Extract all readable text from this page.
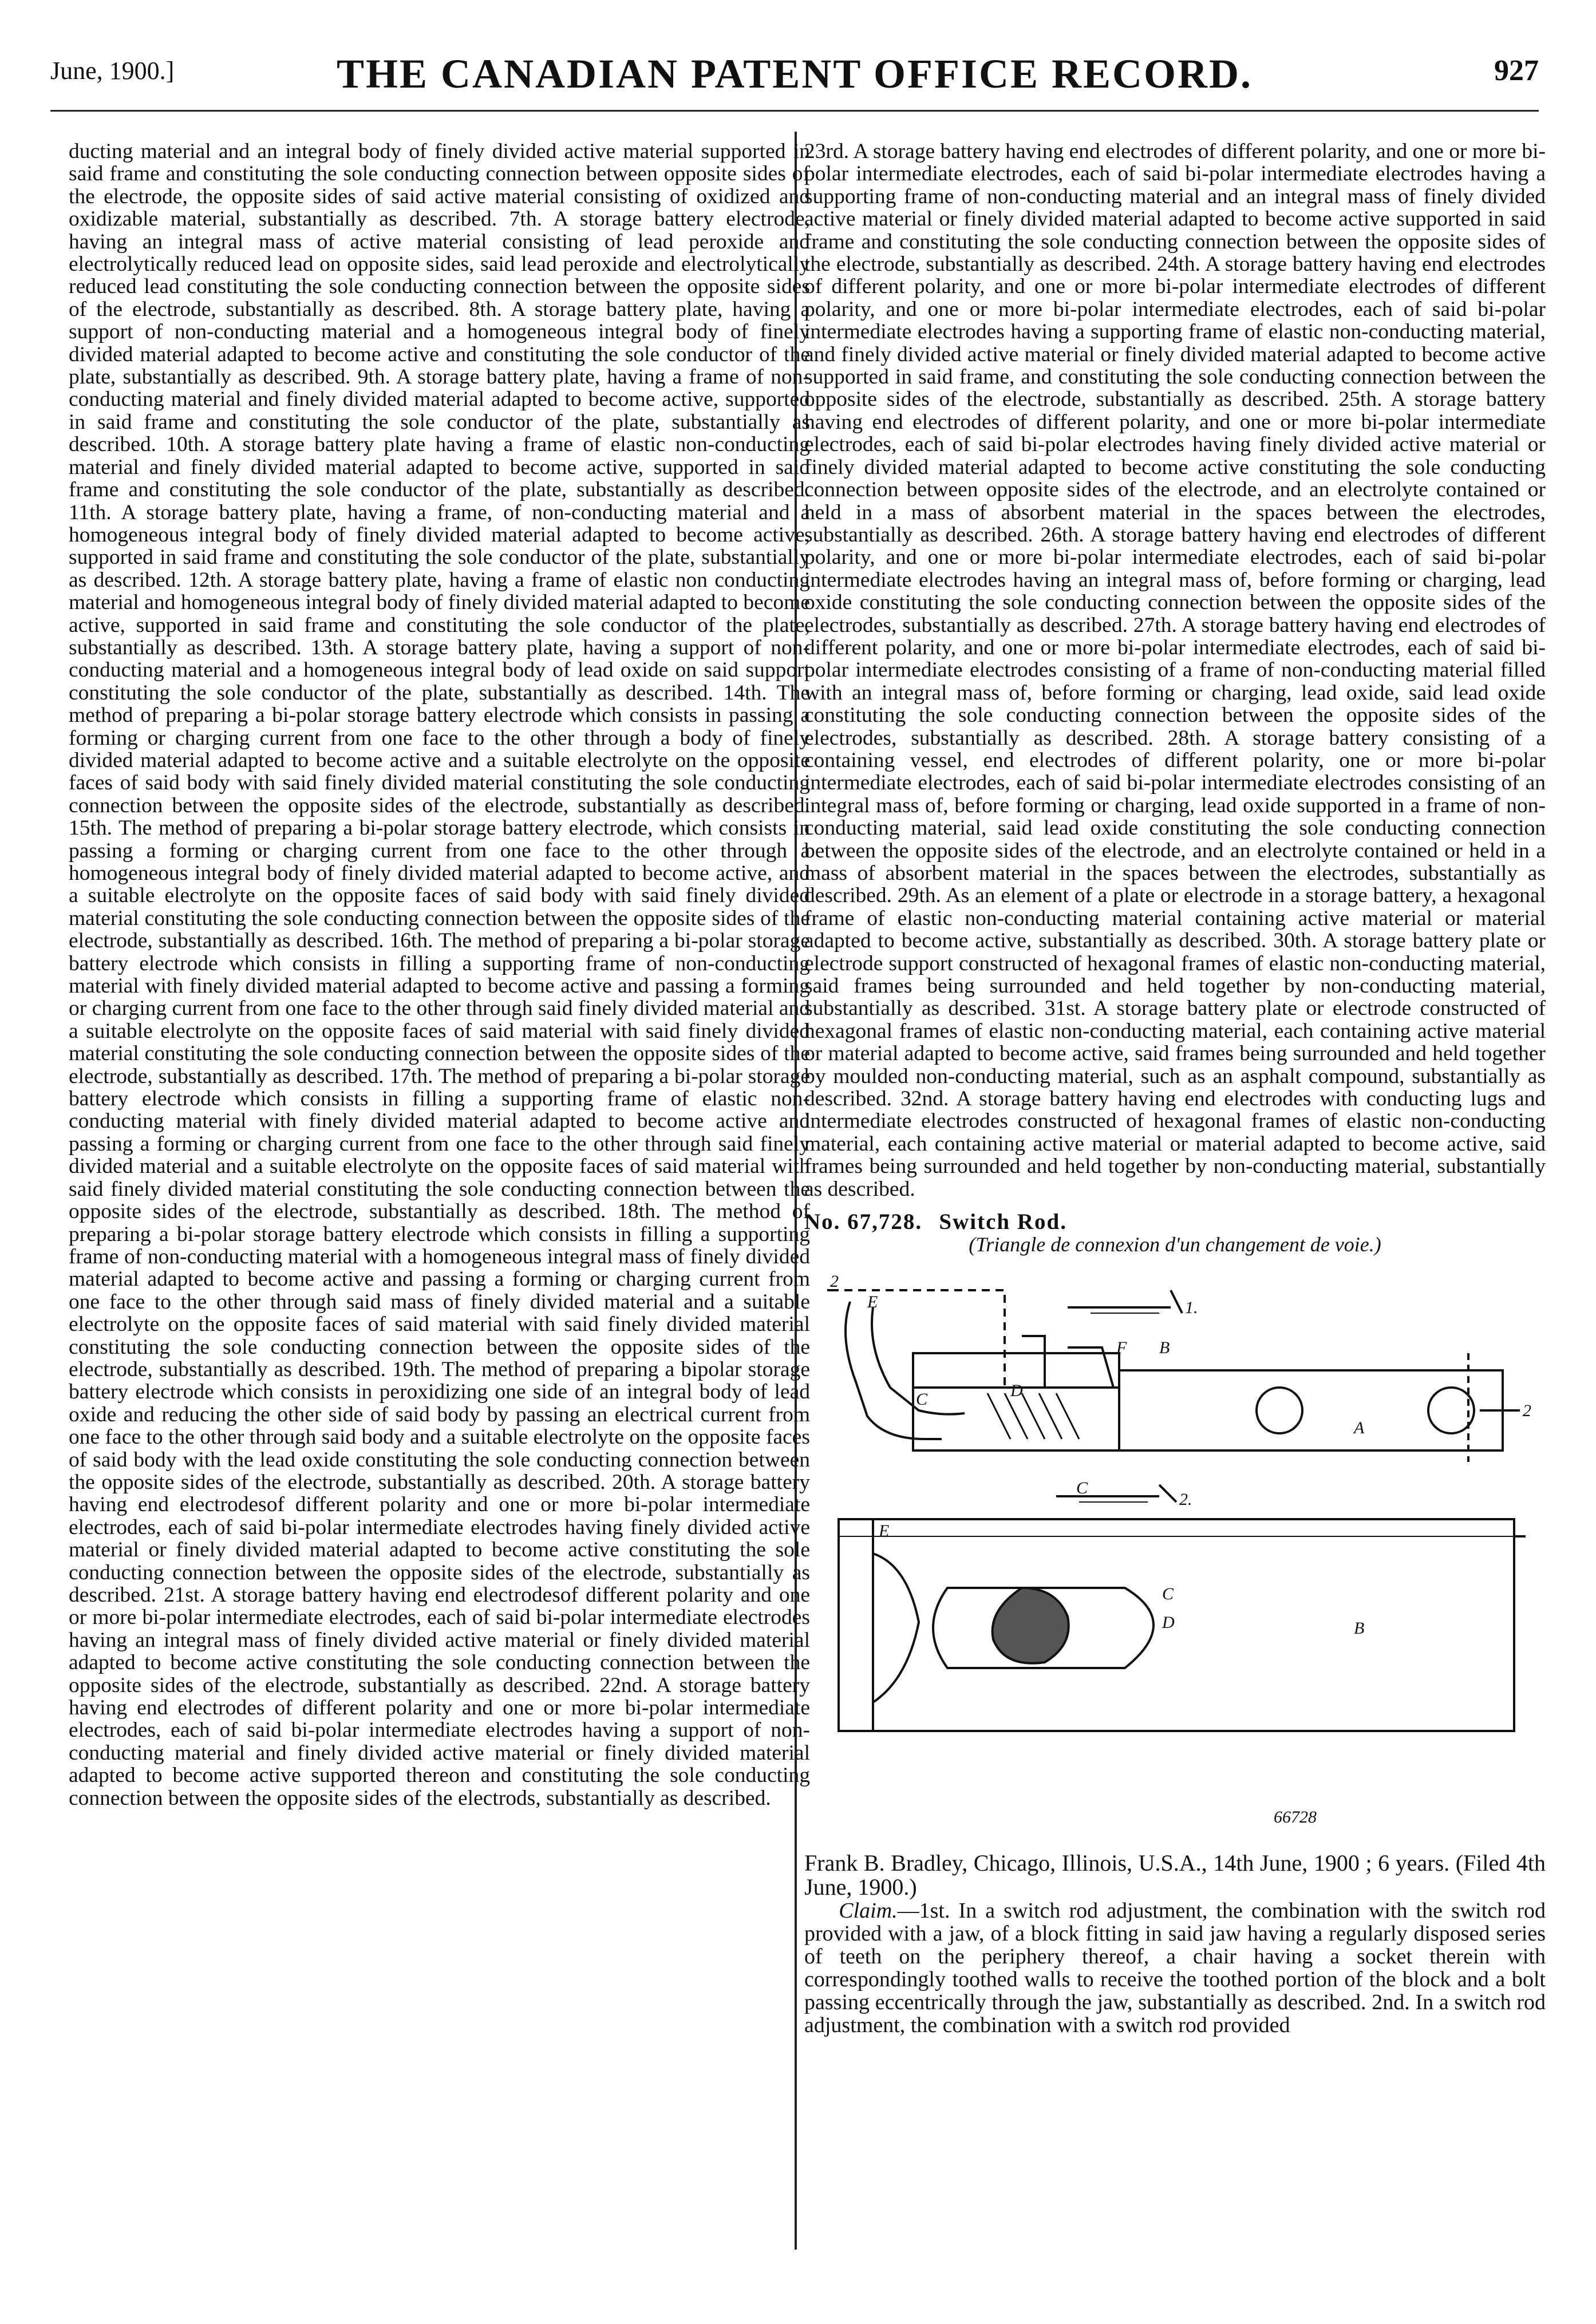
June, 1900.]	THE CANADIAN PATENT OFFICE RECORD.	927

ducting material and an integral body of finely divided active material supported in said frame and constituting the sole conducting connection between opposite sides of the electrode, the opposite sides of said active material consisting of oxidized and oxidizable material, substantially as described. 7th. A storage battery electrode, having an integral mass of active material consisting of lead peroxide and electrolytically reduced lead on opposite sides, said lead peroxide and electrolytically reduced lead constituting the sole conducting connection between the opposite sides of the electrode, substantially as described. 8th. A storage battery plate, having a support of non-conducting material and a homogeneous integral body of finely divided material adapted to become active and constituting the sole conductor of the plate, substantially as described. 9th. A storage battery plate, having a frame of non-conducting material and finely divided material adapted to become active, supported in said frame and constituting the sole conductor of the plate, substantially as described. 10th. A storage battery plate having a frame of elastic non-conducting material and finely divided material adapted to become active, supported in said frame and constituting the sole conductor of the plate, substantially as described. 11th. A storage battery plate, having a frame, of non-conducting material and a homogeneous integral body of finely divided material adapted to become active, supported in said frame and constituting the sole conductor of the plate, substantially as described. 12th. A storage battery plate, having a frame of elastic non conducting material and homogeneous integral body of finely divided material adapted to become active, supported in said frame and constituting the sole conductor of the plate, substantially as described. 13th. A storage battery plate, having a support of non-conducting material and a homogeneous integral body of lead oxide on said support constituting the sole conductor of the plate, substantially as described. 14th. The method of preparing a bi-polar storage battery electrode which consists in passing a forming or charging current from one face to the other through a body of finely divided material adapted to become active and a suitable electrolyte on the opposite faces of said body with said finely divided material constituting the sole conducting connection between the opposite sides of the electrode, substantially as described. 15th. The method of preparing a bi-polar storage battery electrode, which consists in passing a forming or charging current from one face to the other through a homogeneous integral body of finely divided material adapted to become active, and a suitable electrolyte on the opposite faces of said body with said finely divided material constituting the sole conducting connection between the opposite sides of the electrode, substantially as described. 16th. The method of preparing a bi-polar storage battery electrode which consists in filling a supporting frame of non-conducting material with finely divided material adapted to become active and passing a forming or charging current from one face to the other through said finely divided material and a suitable electrolyte on the opposite faces of said material with said finely divided material constituting the sole conducting connection between the opposite sides of the electrode, substantially as described. 17th. The method of preparing a bi-polar storage battery electrode which consists in filling a supporting frame of elastic non-conducting material with finely divided material adapted to become active and passing a forming or charging current from one face to the other through said finely divided material and a suitable electrolyte on the opposite faces of said material with said finely divided material constituting the sole conducting connection between the opposite sides of the electrode, substantially as described. 18th. The method of preparing a bi-polar storage battery electrode which consists in filling a supporting frame of non-conducting material with a homogeneous integral mass of finely divided material adapted to become active and passing a forming or charging current from one face to the other through said mass of finely divided material and a suitable electrolyte on the opposite faces of said material with said finely divided material constituting the sole conducting connection between the opposite sides of the electrode, substantially as described. 19th. The method of preparing a bipolar storage battery electrode which consists in peroxidizing one side of an integral body of lead oxide and reducing the other side of said body by passing an electrical current from one face to the other through said body and a suitable electrolyte on the opposite faces of said body with the lead oxide constituting the sole conducting connection between the opposite sides of the electrode, substantially as described. 20th. A storage battery having end electrodesof different polarity and one or more bi-polar intermediate electrodes, each of said bi-polar intermediate electrodes having finely divided active material or finely divided material adapted to become active constituting the sole conducting connection between the opposite sides of the electrode, substantially as described. 21st. A storage battery having end electrodesof different polarity and one or more bi-polar intermediate electrodes, each of said bi-polar intermediate electrodes having an integral mass of finely divided active material or finely divided material adapted to become active constituting the sole conducting connection between the opposite sides of the electrode, substantially as described. 22nd. A storage battery having end electrodes of different polarity and one or more bi-polar intermediate electrodes, each of said bi-polar intermediate electrodes having a support of non-conducting material and finely divided active material or finely divided material adapted to become active supported thereon and constituting the sole conducting connection between the opposite sides of the electrods, substantially as described.

23rd. A storage battery having end electrodes of different polarity, and one or more bi-polar intermediate electrodes, each of said bi-polar intermediate electrodes having a supporting frame of non-conducting material and an integral mass of finely divided active material or finely divided material adapted to become active supported in said frame and constituting the sole conducting connection between the opposite sides of the electrode, substantially as described. 24th. A storage battery having end electrodes of different polarity, and one or more bi-polar intermediate electrodes of different polarity, and one or more bi-polar intermediate electrodes, each of said bi-polar intermediate electrodes having a supporting frame of elastic non-conducting material, and finely divided active material or finely divided material adapted to become active supported in said frame, and constituting the sole conducting connection between the opposite sides of the electrode, substantially as described. 25th. A storage battery having end electrodes of different polarity, and one or more bi-polar intermediate electrodes, each of said bi-polar electrodes having finely divided active material or finely divided material adapted to become active constituting the sole conducting connection between opposite sides of the electrode, and an electrolyte contained or held in a mass of absorbent material in the spaces between the electrodes, substantially as described. 26th. A storage battery having end electrodes of different polarity, and one or more bi-polar intermediate electrodes, each of said bi-polar intermediate electrodes having an integral mass of, before forming or charging, lead oxide constituting the sole conducting connection between the opposite sides of the electrodes, substantially as described. 27th. A storage battery having end electrodes of different polarity, and one or more bi-polar intermediate electrodes, each of said bi-polar intermediate electrodes consisting of a frame of non-conducting material filled with an integral mass of, before forming or charging, lead oxide, said lead oxide constituting the sole conducting connection between the opposite sides of the electrodes, substantially as described. 28th. A storage battery consisting of a containing vessel, end electrodes of different polarity, one or more bi-polar intermediate electrodes, each of said bi-polar intermediate electrodes consisting of an integral mass of, before forming or charging, lead oxide supported in a frame of non-conducting material, said lead oxide constituting the sole conducting connection between the opposite sides of the electrode, and an electrolyte contained or held in a mass of absorbent material in the spaces between the electrodes, substantially as described. 29th. As an element of a plate or electrode in a storage battery, a hexagonal frame of elastic non-conducting material containing active material or material adapted to become active, substantially as described. 30th. A storage battery plate or electrode support constructed of hexagonal frames of elastic non-conducting material, said frames being surrounded and held together by non-conducting material, substantially as described. 31st. A storage battery plate or electrode constructed of hexagonal frames of elastic non-conducting material, each containing active material or material adapted to become active, said frames being surrounded and held together by moulded non-conducting material, such as an asphalt compound, substantially as described. 32nd. A storage battery having end electrodes with conducting lugs and intermediate electrodes constructed of hexagonal frames of elastic non-conducting material, each containing active material or material adapted to become active, said frames being surrounded and held together by non-conducting material, substantially as described.

No. 67,728. Switch Rod.

(Triangle de connexion d'un changement de voie.)

2
E
C	D
F B
A
C
2
1.
2.
E
C
D	B
66728

Frank B. Bradley, Chicago, Illinois, U.S.A., 14th June, 1900 ; 6 years. (Filed 4th June, 1900.)

Claim.—1st. In a switch rod adjustment, the combination with the switch rod provided with a jaw, of a block fitting in said jaw having a regularly disposed series of teeth on the periphery thereof, a chair having a socket therein with correspondingly toothed walls to receive the toothed portion of the block and a bolt passing eccentrically through the jaw, substantially as described. 2nd. In a switch rod adjustment, the combination with a switch rod provided
